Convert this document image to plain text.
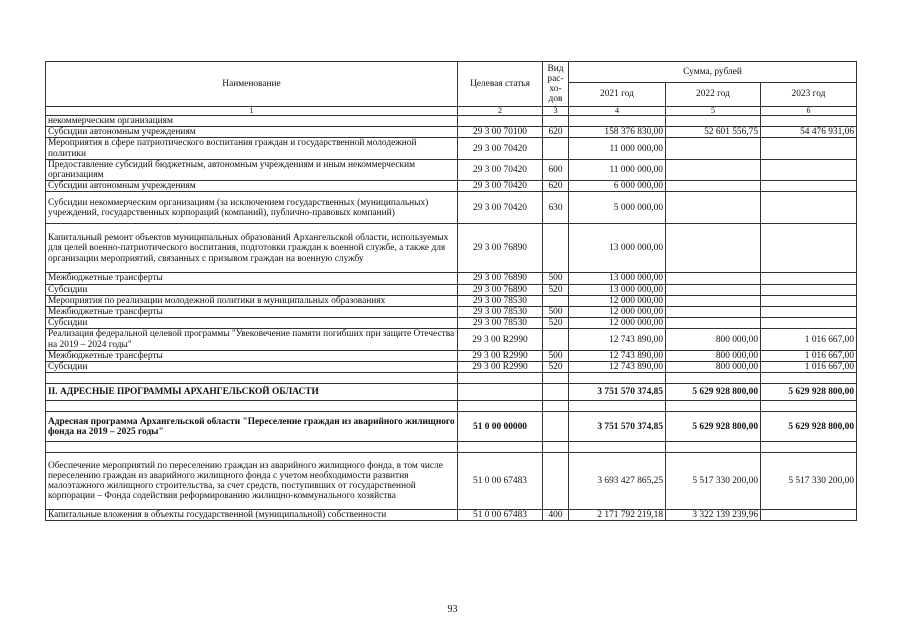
Наименование	Целевая статья	Вид рас-хо-дов	Сумма, рублей		
			2021 год	2022 год	2023 год
1	2	3	4	5	6
некоммерческим организациям					
Субсидии автономным учреждениям	29 3 00 70100	620	158 376 830,00	52 601 556,75	54 476 931,06
Мероприятия в сфере патриотического воспитания граждан и государственной молодежной политики	29 3 00 70420		11 000 000,00		
Предоставление субсидий бюджетным, автономным учреждениям и иным некоммерческим организациям	29 3 00 70420	600	11 000 000,00		
Субсидии автономным учреждениям	29 3 00 70420	620	6 000 000,00		
Субсидии некоммерческим организациям (за исключением государственных (муниципальных) учреждений, государственных корпораций (компаний), публично-правовых компаний)	29 3 00 70420	630	5 000 000,00		
Капитальный ремонт объектов муниципальных образований Архангельской области, используемых для целей военно-патриотического воспитания, подготовки граждан к военной службе, а также для организации мероприятий, связанных с призывом граждан на военную службу	29 3 00 76890		13 000 000,00		
Межбюджетные трансферты	29 3 00 76890	500	13 000 000,00		
Субсидии	29 3 00 76890	520	13 000 000,00		
Мероприятия по реализации молодежной политики в муниципальных образованиях	29 3 00 78530		12 000 000,00		
Межбюджетные трансферты	29 3 00 78530	500	12 000 000,00		
Субсидии	29 3 00 78530	520	12 000 000,00		
Реализация федеральной целевой программы "Увековечение памяти погибших при защите Отечества на 2019 – 2024 годы"	29 3 00 R2990		12 743 890,00	800 000,00	1 016 667,00
Межбюджетные трансферты	29 3 00 R2990	500	12 743 890,00	800 000,00	1 016 667,00
Субсидии	29 3 00 R2990	520	12 743 890,00	800 000,00	1 016 667,00

II. АДРЕСНЫЕ ПРОГРАММЫ АРХАНГЕЛЬСКОЙ ОБЛАСТИ			3 751 570 374,85	5 629 928 800,00	5 629 928 800,00

Адресная программа Архангельской области "Переселение граждан из аварийного жилищного фонда на 2019 – 2025 годы"	51 0 00 00000		3 751 570 374,85	5 629 928 800,00	5 629 928 800,00

Обеспечение мероприятий по переселению граждан из аварийного жилищного фонда, в том числе переселению граждан из аварийного жилищного фонда с учетом необходимости развития малоэтажного жилищного строительства, за счет средств, поступивших от государственной корпорации – Фонда содействия реформированию жилищно-коммунального хозяйства	51 0 00 67483		3 693 427 865,25	5 517 330 200,00	5 517 330 200,00
Капитальные вложения в объекты государственной (муниципальной) собственности	51 0 00 67483	400	2 171 792 219,18	3 322 139 239,96	
93
